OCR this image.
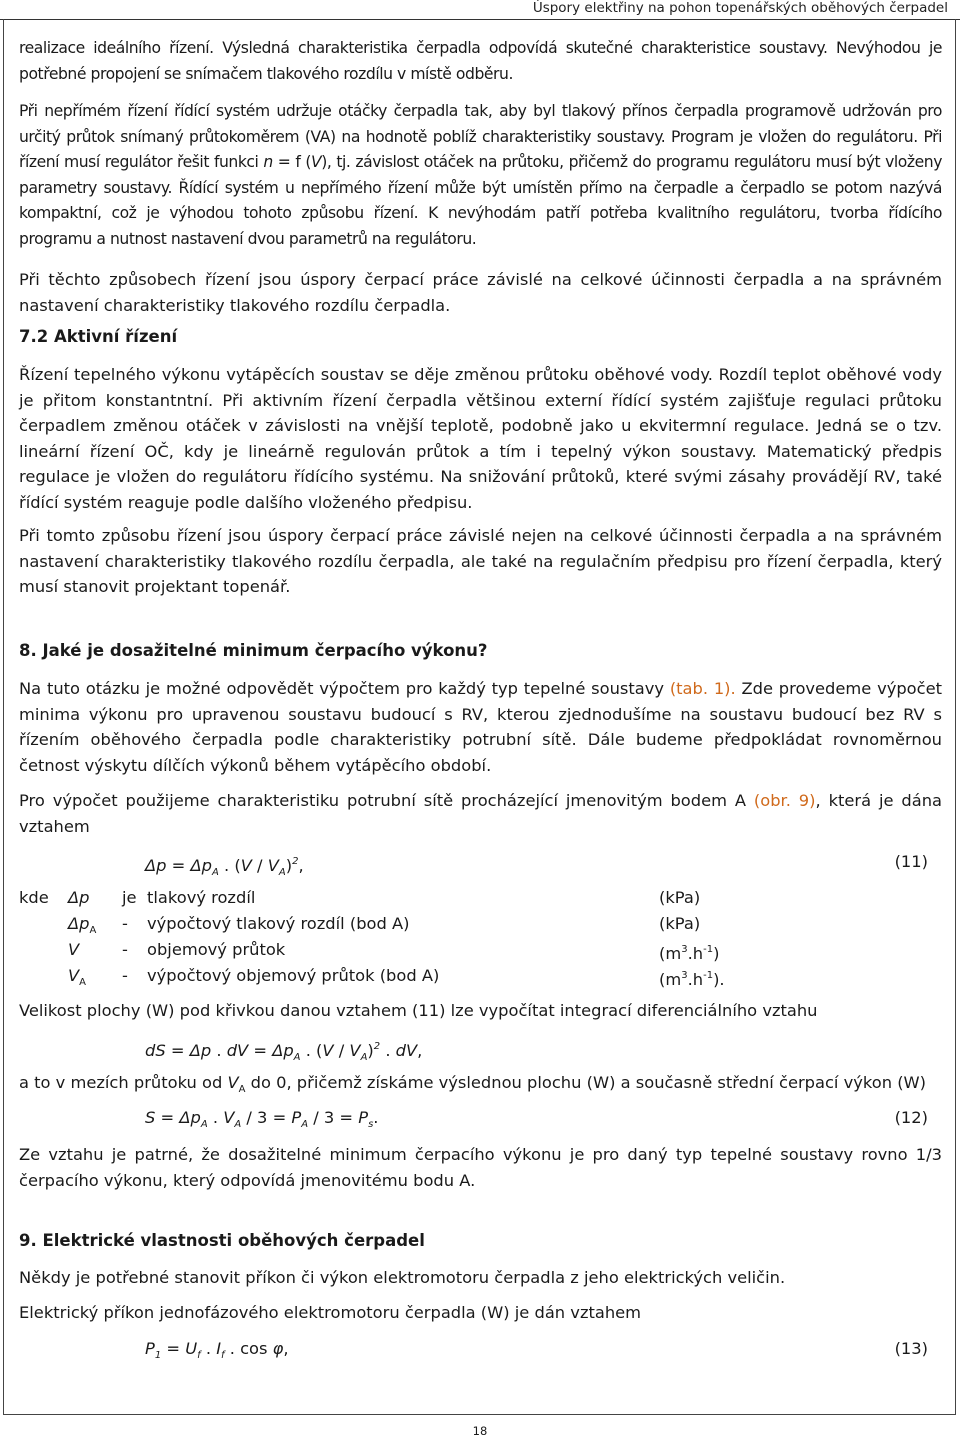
Úspory elektřiny na pohon topenářských oběhových čerpadel

realizace ideálního řízení. Výsledná charakteristika čerpadla odpovídá skutečné charakteristice soustavy. Nevýhodou je potřebné propojení se snímačem tlakového rozdílu v místě odběru.

Při nepřímém řízení řídící systém udržuje otáčky čerpadla tak, aby byl tlakový přínos čerpadla programově udržován pro určitý průtok snímaný průtokoměrem (VA) na hodnotě poblíž charakteristiky soustavy. Program je vložen do regulátoru. Při řízení musí regulátor řešit funkci n = f (V), tj. závislost otáček na průtoku, přičemž do programu regulátoru musí být vloženy parametry soustavy. Řídící systém u nepřímého řízení může být umístěn přímo na čerpadle a čerpadlo se potom nazývá kompaktní, což je výhodou tohoto způsobu řízení. K nevýhodám patří potřeba kvalitního regulátoru, tvorba řídícího programu a nutnost nastavení dvou parametrů na regulátoru.

Při těchto způsobech řízení jsou úspory čerpací práce závislé na celkové účinnosti čerpadla a na správném nastavení charakteristiky tlakového rozdílu čerpadla.

7.2 Aktivní řízení

Řízení tepelného výkonu vytápěcích soustav se děje změnou průtoku oběhové vody. Rozdíl teplot oběhové vody je přitom konstantntní. Při aktivním řízení čerpadla většinou externí řídící systém zajišťuje regulaci průtoku čerpadlem změnou otáček v závislosti na vnější teplotě, podobně jako u ekvitermní regulace. Jedná se o tzv. lineární řízení OČ, kdy je lineárně regulován průtok a tím i tepelný výkon soustavy. Matematický předpis regulace je vložen do regulátoru řídícího systému. Na snižování průtoků, které svými zásahy provádějí RV, také řídící systém reaguje podle dalšího vloženého předpisu.

Při tomto způsobu řízení jsou úspory čerpací práce závislé nejen na celkové účinnosti čerpadla a na správném nastavení charakteristiky tlakového rozdílu čerpadla, ale také na regulačním předpisu pro řízení čerpadla, který musí stanovit projektant topenář.

8. Jaké je dosažitelné minimum čerpacího výkonu?

Na tuto otázku je možné odpovědět výpočtem pro každý typ tepelné soustavy (tab. 1). Zde provedeme výpočet minima výkonu pro upravenou soustavu budoucí s RV, kterou zjednodušíme na soustavu budoucí bez RV s řízením oběhového čerpadla podle charakteristiky potrubní sítě. Dále budeme předpokládat rovnoměrnou četnost výskytu dílčích výkonů během vytápěcího období.

Pro výpočet použijeme charakteristiku potrubní sítě procházející jmenovitým bodem A (obr. 9), která je dána vztahem

$\Delta p = \Delta p_A$ . $(V / V_A)^2$,	(11)
kde Δp je tlakový rozdíl	(kPa)
$\Delta p_A$ - výpočtový tlakový rozdíl (bod A)	(kPa)
V	- objemový průtok	$(m^3.h^{-1})$
$V_A$ - výpočtový objemový průtok (bod A)	$(m^3.h^{-1})$.

Velikost plochy (W) pod křivkou danou vztahem (11) lze vypočítat integrací diferenciálního vztahu

dS = Δp . dV = $\Delta p_A$ . $(V / V_A)^2$ . dV,

a to v mezích průtoku od $V_A$ do 0, přičemž získáme výslednou plochu (W) a současně střední čerpací výkon (W)

$S = \Delta p_A$ . $V_A / 3 = P_A / 3 = P_s$.	(12)

Ze vztahu je patrné, že dosažitelné minimum čerpacího výkonu je pro daný typ tepelné soustavy rovno 1/3 čerpacího výkonu, který odpovídá jmenovitému bodu A.

9. Elektrické vlastnosti oběhových čerpadel

Někdy je potřebné stanovit příkon či výkon elektromotoru čerpadla z jeho elektrických veličin.

Elektrický příkon jednofázového elektromotoru čerpadla (W) je dán vztahem

$P_1 = U_f$ . $I_f$ . cos φ,	(13)
18
